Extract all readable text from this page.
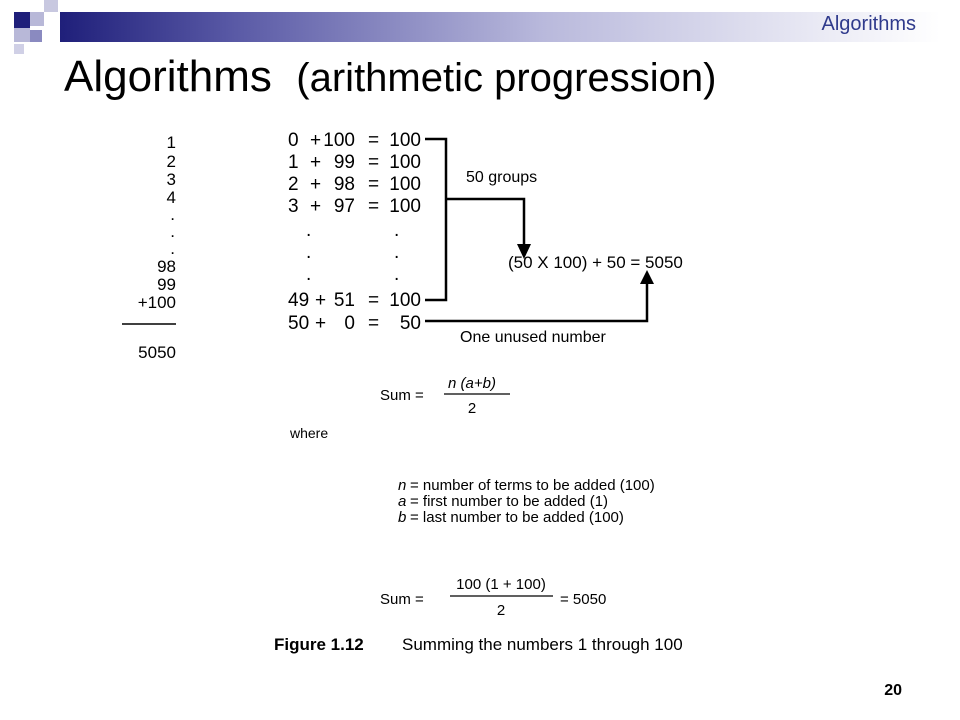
Algorithms
Algorithms (arithmetic progression)
1
2
3
4
.
.
.
98
99
+100
5050
0 + 100 = 100
1 + 99 = 100
2 + 98 = 100
3 + 97 = 100
.	.
.	.
.	.
49 + 51 = 100
50 + 0 = 50
50 groups
(50 X 100) + 50 = 5050
One unused number
Sum =
n (a+b)
2
where
n = number of terms to be added (100)
a = first number to be added (1)
b = last number to be added (100)
Sum =
100 (1 + 100)
2
= 5050
Figure 1.12 Summing the numbers 1 through 100
20
